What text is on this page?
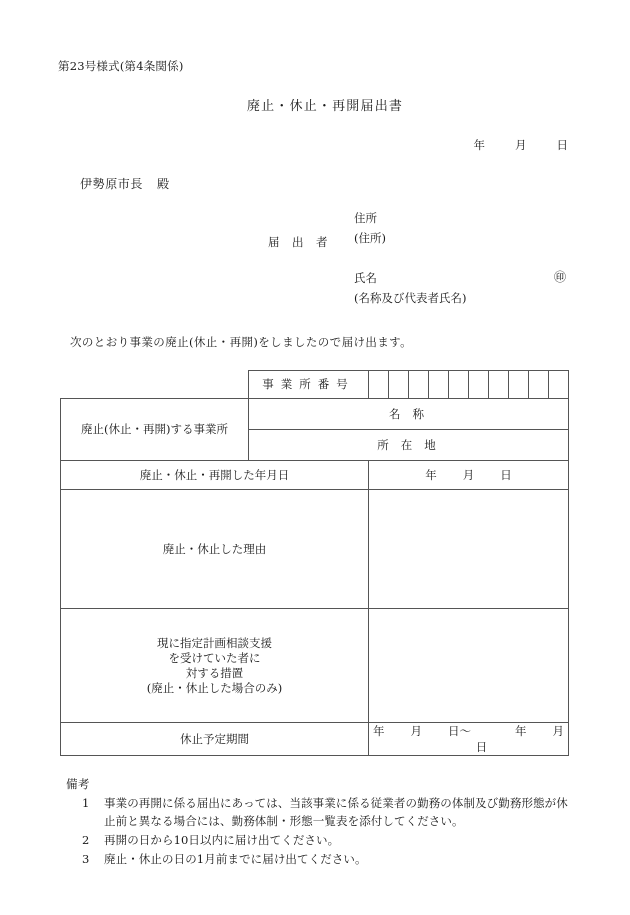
第23号様式(第4条関係)
廃止・休止・再開届出書
年	月	日
伊勢原市長 殿
届　出　者
住所
(住所)

氏名	㊞
(名称及び代表者氏名)
次のとおり事業の廃止(休止・再開)をしましたので届け出ます。
	事業所番号										
廃止(休止・再開)する事業所	名称										
	所在地										
廃止・休止・再開した年月日		年 月 日									
廃止・休止した理由											
現に指定計画相談支援
を受けていた者に
対する措置
(廃止・休止した場合のみ)											
休止予定期間		年 月 日〜 年 月日									
備考
1 事業の再開に係る届出にあっては、当該事業に係る従業者の勤務の体制及び勤務形態が休
止前と異なる場合には、勤務体制・形態一覧表を添付してください。
2 再開の日から10日以内に届け出てください。
3 廃止・休止の日の1月前までに届け出てください。
